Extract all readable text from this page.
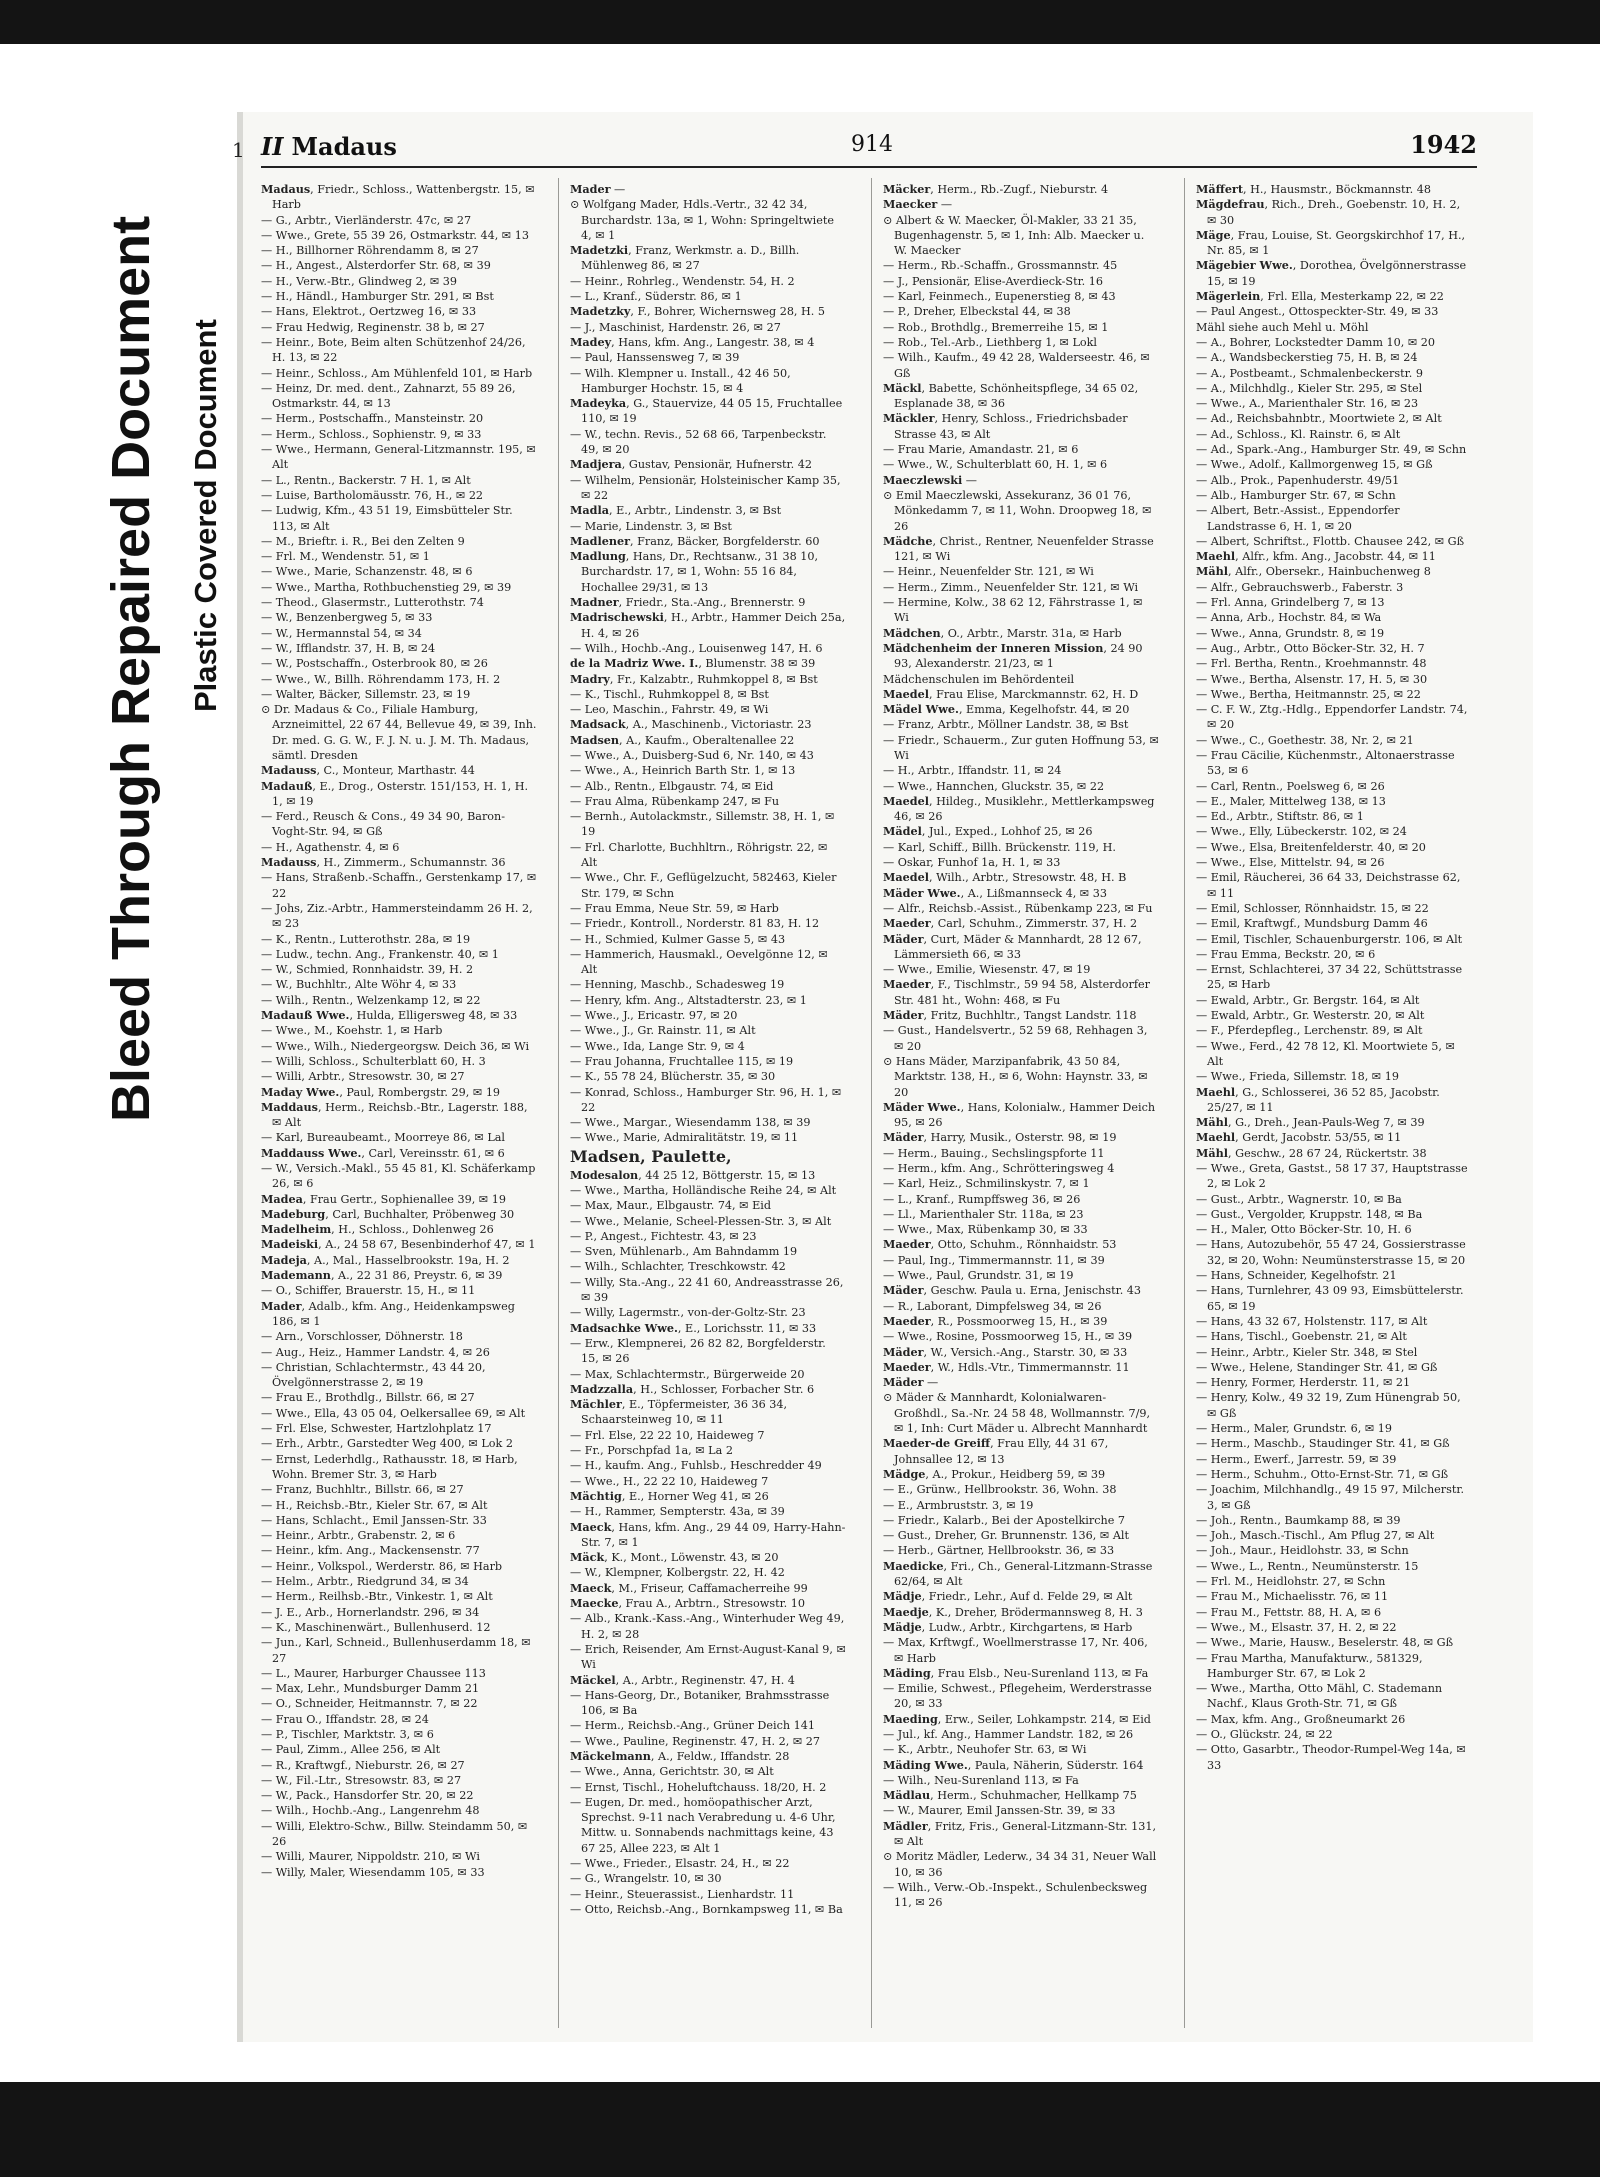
Bleed Through Repaired Document Plastic Covered Document
1 II Madaus	914	1942

Madaus, Friedr., Schloss., Wattenbergstr. 15, ✉ Harb

— G., Arbtr., Vierländerstr. 47c, ✉ 27

— Wwe., Grete, 55 39 26, Ostmarkstr. 44, ✉ 13

— H., Billhorner Röhrendamm 8, ✉ 27

— H., Angest., Alsterdorfer Str. 68, ✉ 39

— H., Verw.-Btr., Glindweg 2, ✉ 39

— H., Händl., Hamburger Str. 291, ✉ Bst

— Hans, Elektrot., Oertzweg 16, ✉ 33

— Frau Hedwig, Reginenstr. 38 b, ✉ 27

— Heinr., Bote, Beim alten Schützenhof 24/26, H. 13, ✉ 22

— Heinr., Schloss., Am Mühlenfeld 101, ✉ Harb

— Heinz, Dr. med. dent., Zahnarzt, 55 89 26, Ostmarkstr. 44, ✉ 13

— Herm., Postschaffn., Mansteinstr. 20

— Herm., Schloss., Sophienstr. 9, ✉ 33

— Wwe., Hermann, General-Litzmannstr. 195, ✉ Alt

— L., Rentn., Backerstr. 7 H. 1, ✉ Alt

— Luise, Bartholomäusstr. 76, H., ✉ 22

— Ludwig, Kfm., 43 51 19, Eimsbütteler Str. 113, ✉ Alt

— M., Brieftr. i. R., Bei den Zelten 9

— Frl. M., Wendenstr. 51, ✉ 1

— Wwe., Marie, Schanzenstr. 48, ✉ 6

— Wwe., Martha, Rothbuchenstieg 29, ✉ 39

— Theod., Glasermstr., Lutterothstr. 74

— W., Benzenbergweg 5, ✉ 33

— W., Hermannstal 54, ✉ 34

— W., Ifflandstr. 37, H. B, ✉ 24

— W., Postschaffn., Osterbrook 80, ✉ 26

— Wwe., W., Billh. Röhrendamm 173, H. 2

— Walter, Bäcker, Sillemstr. 23, ✉ 19

⊙ Dr. Madaus & Co., Filiale Hamburg, Arzneimittel, 22 67 44, Bellevue 49, ✉ 39, Inh. Dr. med. G. G. W., F. J. N. u. J. M. Th. Madaus, sämtl. Dresden

Madauss, C., Monteur, Marthastr. 44

Madauß, E., Drog., Osterstr. 151/153, H. 1, H. 1, ✉ 19

— Ferd., Reusch & Cons., 49 34 90, Baron-Voght-Str. 94, ✉ Gß

— H., Agathenstr. 4, ✉ 6

Madauss, H., Zimmerm., Schumannstr. 36

— Hans, Straßenb.-Schaffn., Gerstenkamp 17, ✉ 22

— Johs, Ziz.-Arbtr., Hammersteindamm 26 H. 2, ✉ 23

— K., Rentn., Lutterothstr. 28a, ✉ 19

— Ludw., techn. Ang., Frankenstr. 40, ✉ 1

— W., Schmied, Ronnhaidstr. 39, H. 2

— W., Buchhltr., Alte Wöhr 4, ✉ 33

— Wilh., Rentn., Welzenkamp 12, ✉ 22

Madauß Wwe., Hulda, Elligersweg 48, ✉ 33

— Wwe., M., Koehstr. 1, ✉ Harb

— Wwe., Wilh., Niedergeorgsw. Deich 36, ✉ Wi

— Willi, Schloss., Schulterblatt 60, H. 3

— Willi, Arbtr., Stresowstr. 30, ✉ 27

Maday Wwe., Paul, Rombergstr. 29, ✉ 19

Maddaus, Herm., Reichsb.-Btr., Lagerstr. 188, ✉ Alt

— Karl, Bureaubeamt., Moorreye 86, ✉ Lal

Maddauss Wwe., Carl, Vereinsstr. 61, ✉ 6

— W., Versich.-Makl., 55 45 81, Kl. Schäferkamp 26, ✉ 6

Madea, Frau Gertr., Sophienallee 39, ✉ 19

Madeburg, Carl, Buchhalter, Pröbenweg 30

Madelheim, H., Schloss., Dohlenweg 26

Madeiski, A., 24 58 67, Besenbinderhof 47, ✉ 1

Madeja, A., Mal., Hasselbrookstr. 19a, H. 2

Mademann, A., 22 31 86, Preystr. 6, ✉ 39

— O., Schiffer, Brauerstr. 15, H., ✉ 11

Mader, Adalb., kfm. Ang., Heidenkampsweg 186, ✉ 1

— Arn., Vorschlosser, Döhnerstr. 18

— Aug., Heiz., Hammer Landstr. 4, ✉ 26

— Christian, Schlachtermstr., 43 44 20, Övelgönnerstrasse 2, ✉ 19

— Frau E., Brothdlg., Billstr. 66, ✉ 27

— Wwe., Ella, 43 05 04, Oelkersallee 69, ✉ Alt

— Frl. Else, Schwester, Hartzlohplatz 17

— Erh., Arbtr., Garstedter Weg 400, ✉ Lok 2

— Ernst, Lederhdlg., Rathausstr. 18, ✉ Harb, Wohn. Bremer Str. 3, ✉ Harb

— Franz, Buchhltr., Billstr. 66, ✉ 27

— H., Reichsb.-Btr., Kieler Str. 67, ✉ Alt

— Hans, Schlacht., Emil Janssen-Str. 33

— Heinr., Arbtr., Grabenstr. 2, ✉ 6

— Heinr., kfm. Ang., Mackensenstr. 77

— Heinr., Volkspol., Werderstr. 86, ✉ Harb

— Helm., Arbtr., Riedgrund 34, ✉ 34

— Herm., Reilhsb.-Btr., Vinkestr. 1, ✉ Alt

— J. E., Arb., Hornerlandstr. 296, ✉ 34

— K., Maschinenwärt., Bullenhuserd. 12

— Jun., Karl, Schneid., Bullenhuserdamm 18, ✉ 27

— L., Maurer, Harburger Chaussee 113

— Max, Lehr., Mundsburger Damm 21

— O., Schneider, Heitmannstr. 7, ✉ 22

— Frau O., Iffandstr. 28, ✉ 24

— P., Tischler, Marktstr. 3, ✉ 6

— Paul, Zimm., Allee 256, ✉ Alt

— R., Kraftwgf., Nieburstr. 26, ✉ 27

— W., Fil.-Ltr., Stresowstr. 83, ✉ 27

— W., Pack., Hansdorfer Str. 20, ✉ 22

— Wilh., Hochb.-Ang., Langenrehm 48

— Willi, Elektro-Schw., Billw. Steindamm 50, ✉ 26

— Willi, Maurer, Nippoldstr. 210, ✉ Wi

— Willy, Maler, Wiesendamm 105, ✉ 33

Mader —

⊙ Wolfgang Mader, Hdls.-Vertr., 32 42 34, Burchardstr. 13a, ✉ 1, Wohn: Springeltwiete 4, ✉ 1

Madetzki, Franz, Werkmstr. a. D., Billh. Mühlenweg 86, ✉ 27

— Heinr., Rohrleg., Wendenstr. 54, H. 2

— L., Kranf., Süderstr. 86, ✉ 1

Madetzky, F., Bohrer, Wichernsweg 28, H. 5

— J., Maschinist, Hardenstr. 26, ✉ 27

Madey, Hans, kfm. Ang., Langestr. 38, ✉ 4

— Paul, Hanssensweg 7, ✉ 39

— Wilh. Klempner u. Install., 42 46 50, Hamburger Hochstr. 15, ✉ 4

Madeyka, G., Stauervize, 44 05 15, Fruchtallee 110, ✉ 19

— W., techn. Revis., 52 68 66, Tarpenbeckstr. 49, ✉ 20

Madjera, Gustav, Pensionär, Hufnerstr. 42

— Wilhelm, Pensionär, Holsteinischer Kamp 35, ✉ 22

Madla, E., Arbtr., Lindenstr. 3, ✉ Bst

— Marie, Lindenstr. 3, ✉ Bst

Madlener, Franz, Bäcker, Borgfelderstr. 60

Madlung, Hans, Dr., Rechtsanw., 31 38 10, Burchardstr. 17, ✉ 1, Wohn: 55 16 84, Hochallee 29/31, ✉ 13

Madner, Friedr., Sta.-Ang., Brennerstr. 9

Madrischewski, H., Arbtr., Hammer Deich 25a, H. 4, ✉ 26

— Wilh., Hochb.-Ang., Louisenweg 147, H. 6

de la Madriz Wwe. I., Blumenstr. 38 ✉ 39

Madry, Fr., Kalzabtr., Ruhmkoppel 8, ✉ Bst

— K., Tischl., Ruhmkoppel 8, ✉ Bst

— Leo, Maschin., Fahrstr. 49, ✉ Wi

Madsack, A., Maschinenb., Victoriastr. 23

Madsen, A., Kaufm., Oberaltenallee 22

— Wwe., A., Duisberg-Sud 6, Nr. 140, ✉ 43

— Wwe., A., Heinrich Barth Str. 1, ✉ 13

— Alb., Rentn., Elbgaustr. 74, ✉ Eid

— Frau Alma, Rübenkamp 247, ✉ Fu

— Bernh., Autolackmstr., Sillemstr. 38, H. 1, ✉ 19

— Frl. Charlotte, Buchhltrn., Röhrigstr. 22, ✉ Alt

— Wwe., Chr. F., Geflügelzucht, 582463, Kieler Str. 179, ✉ Schn

— Frau Emma, Neue Str. 59, ✉ Harb

— Friedr., Kontroll., Norderstr. 81 83, H. 12

— H., Schmied, Kulmer Gasse 5, ✉ 43

— Hammerich, Hausmakl., Oevelgönne 12, ✉ Alt

— Henning, Maschb., Schadesweg 19

— Henry, kfm. Ang., Altstadterstr. 23, ✉ 1

— Wwe., J., Ericastr. 97, ✉ 20

— Wwe., J., Gr. Rainstr. 11, ✉ Alt

— Wwe., Ida, Lange Str. 9, ✉ 4

— Frau Johanna, Fruchtallee 115, ✉ 19

— K., 55 78 24, Blücherstr. 35, ✉ 30

— Konrad, Schloss., Hamburger Str. 96, H. 1, ✉ 22

— Wwe., Margar., Wiesendamm 138, ✉ 39

— Wwe., Marie, Admiralitätstr. 19, ✉ 11

Madsen, Paulette,

Modesalon, 44 25 12, Böttgerstr. 15, ✉ 13

— Wwe., Martha, Holländische Reihe 24, ✉ Alt

— Max, Maur., Elbgaustr. 74, ✉ Eid

— Wwe., Melanie, Scheel-Plessen-Str. 3, ✉ Alt

— P., Angest., Fichtestr. 43, ✉ 23

— Sven, Mühlenarb., Am Bahndamm 19

— Wilh., Schlachter, Treschkowstr. 42

— Willy, Sta.-Ang., 22 41 60, Andreasstrasse 26, ✉ 39

— Willy, Lagermstr., von-der-Goltz-Str. 23

Madsachke Wwe., E., Lorichsstr. 11, ✉ 33

— Erw., Klempnerei, 26 82 82, Borgfelderstr. 15, ✉ 26

— Max, Schlachtermstr., Bürgerweide 20

Madzzalla, H., Schlosser, Forbacher Str. 6

Mächler, E., Töpfermeister, 36 36 34, Schaarsteinweg 10, ✉ 11

— Frl. Else, 22 22 10, Haideweg 7

— Fr., Porschpfad 1a, ✉ La 2

— H., kaufm. Ang., Fuhlsb., Heschredder 49

— Wwe., H., 22 22 10, Haideweg 7

Mächtig, E., Horner Weg 41, ✉ 26

— H., Rammer, Sempterstr. 43a, ✉ 39

Maeck, Hans, kfm. Ang., 29 44 09, Harry-Hahn-Str. 7, ✉ 1

Mäck, K., Mont., Löwenstr. 43, ✉ 20

— W., Klempner, Kolbergstr. 22, H. 42

Maeck, M., Friseur, Caffamacherreihe 99

Maecke, Frau A., Arbtrn., Stresowstr. 10

— Alb., Krank.-Kass.-Ang., Winterhuder Weg 49, H. 2, ✉ 28

— Erich, Reisender, Am Ernst-August-Kanal 9, ✉ Wi

Mäckel, A., Arbtr., Reginenstr. 47, H. 4

— Hans-Georg, Dr., Botaniker, Brahmsstrasse 106, ✉ Ba

— Herm., Reichsb.-Ang., Grüner Deich 141

— Wwe., Pauline, Reginenstr. 47, H. 2, ✉ 27

Mäckelmann, A., Feldw., Iffandstr. 28

— Wwe., Anna, Gerichtstr. 30, ✉ Alt

— Ernst, Tischl., Hoheluftchauss. 18/20, H. 2

— Eugen, Dr. med., homöopathischer Arzt, Sprechst. 9-11 nach Verabredung u. 4-6 Uhr, Mittw. u. Sonnabends nachmittags keine, 43 67 25, Allee 223, ✉ Alt 1

— Wwe., Frieder., Elsastr. 24, H., ✉ 22

— G., Wrangelstr. 10, ✉ 30

— Heinr., Steuerassist., Lienhardstr. 11

— Otto, Reichsb.-Ang., Bornkampsweg 11, ✉ Ba

Mäcker, Herm., Rb.-Zugf., Nieburstr. 4

Maecker —

⊙ Albert & W. Maecker, Öl-Makler, 33 21 35, Bugenhagenstr. 5, ✉ 1, Inh: Alb. Maecker u. W. Maecker

— Herm., Rb.-Schaffn., Grossmannstr. 45

— J., Pensionär, Elise-Averdieck-Str. 16

— Karl, Feinmech., Eupenerstieg 8, ✉ 43

— P., Dreher, Elbeckstal 44, ✉ 38

— Rob., Brothdlg., Bremerreihe 15, ✉ 1

— Rob., Tel.-Arb., Liethberg 1, ✉ Lokl

— Wilh., Kaufm., 49 42 28, Walderseestr. 46, ✉ Gß

Mäckl, Babette, Schönheitspflege, 34 65 02, Esplanade 38, ✉ 36

Mäckler, Henry, Schloss., Friedrichsbader Strasse 43, ✉ Alt

— Frau Marie, Amandastr. 21, ✉ 6

— Wwe., W., Schulterblatt 60, H. 1, ✉ 6

Maeczlewski —

⊙ Emil Maeczlewski, Assekuranz, 36 01 76, Mönkedamm 7, ✉ 11, Wohn. Droopweg 18, ✉ 26

Mädche, Christ., Rentner, Neuenfelder Strasse 121, ✉ Wi

— Heinr., Neuenfelder Str. 121, ✉ Wi

— Herm., Zimm., Neuenfelder Str. 121, ✉ Wi

— Hermine, Kolw., 38 62 12, Fährstrasse 1, ✉ Wi

Mädchen, O., Arbtr., Marstr. 31a, ✉ Harb

Mädchenheim der Inneren Mission, 24 90 93, Alexanderstr. 21/23, ✉ 1

Mädchenschulen im Behördenteil

Maedel, Frau Elise, Marckmannstr. 62, H. D

Mädel Wwe., Emma, Kegelhofstr. 44, ✉ 20

— Franz, Arbtr., Möllner Landstr. 38, ✉ Bst

— Friedr., Schauerm., Zur guten Hoffnung 53, ✉ Wi

— H., Arbtr., Iffandstr. 11, ✉ 24

— Wwe., Hannchen, Gluckstr. 35, ✉ 22

Maedel, Hildeg., Musiklehr., Mettlerkampsweg 46, ✉ 26

Mädel, Jul., Exped., Lohhof 25, ✉ 26

— Karl, Schiff., Billh. Brückenstr. 119, H.

— Oskar, Funhof 1a, H. 1, ✉ 33

Maedel, Wilh., Arbtr., Stresowstr. 48, H. B

Mäder Wwe., A., Lißmannseck 4, ✉ 33

— Alfr., Reichsb.-Assist., Rübenkamp 223, ✉ Fu

Maeder, Carl, Schuhm., Zimmerstr. 37, H. 2

Mäder, Curt, Mäder & Mannhardt, 28 12 67, Lämmersieth 66, ✉ 33

— Wwe., Emilie, Wiesenstr. 47, ✉ 19

Maeder, F., Tischlmstr., 59 94 58, Alsterdorfer Str. 481 ht., Wohn: 468, ✉ Fu

Mäder, Fritz, Buchhltr., Tangst Landstr. 118

— Gust., Handelsvertr., 52 59 68, Rehhagen 3, ✉ 20

⊙ Hans Mäder, Marzipanfabrik, 43 50 84, Marktstr. 138, H., ✉ 6, Wohn: Haynstr. 33, ✉ 20

Mäder Wwe., Hans, Kolonialw., Hammer Deich 95, ✉ 26

Mäder, Harry, Musik., Osterstr. 98, ✉ 19

— Herm., Bauing., Sechslingspforte 11

— Herm., kfm. Ang., Schrötteringsweg 4

— Karl, Heiz., Schmilinskystr. 7, ✉ 1

— L., Kranf., Rumpffsweg 36, ✉ 26

— Ll., Marienthaler Str. 118a, ✉ 23

— Wwe., Max, Rübenkamp 30, ✉ 33

Maeder, Otto, Schuhm., Rönnhaidstr. 53

— Paul, Ing., Timmermannstr. 11, ✉ 39

— Wwe., Paul, Grundstr. 31, ✉ 19

Mäder, Geschw. Paula u. Erna, Jenischstr. 43

— R., Laborant, Dimpfelsweg 34, ✉ 26

Maeder, R., Possmoorweg 15, H., ✉ 39

— Wwe., Rosine, Possmoorweg 15, H., ✉ 39

Mäder, W., Versich.-Ang., Starstr. 30, ✉ 33

Maeder, W., Hdls.-Vtr., Timmermannstr. 11

Mäder —

⊙ Mäder & Mannhardt, Kolonialwaren-Großhdl., Sa.-Nr. 24 58 48, Wollmannstr. 7/9, ✉ 1, Inh: Curt Mäder u. Albrecht Mannhardt

Maeder-de Greiff, Frau Elly, 44 31 67, Johnsallee 12, ✉ 13

Mädge, A., Prokur., Heidberg 59, ✉ 39

— E., Grünw., Hellbrookstr. 36, Wohn. 38

— E., Armbruststr. 3, ✉ 19

— Friedr., Kalarb., Bei der Apostelkirche 7

— Gust., Dreher, Gr. Brunnenstr. 136, ✉ Alt

— Herb., Gärtner, Hellbrookstr. 36, ✉ 33

Maedicke, Fri., Ch., General-Litzmann-Strasse 62/64, ✉ Alt

Mädje, Friedr., Lehr., Auf d. Felde 29, ✉ Alt

Maedje, K., Dreher, Brödermannsweg 8, H. 3

Mädje, Ludw., Arbtr., Kirchgartens, ✉ Harb

— Max, Krftwgf., Woellmerstrasse 17, Nr. 406, ✉ Harb

Mäding, Frau Elsb., Neu-Surenland 113, ✉ Fa

— Emilie, Schwest., Pflegeheim, Werderstrasse 20, ✉ 33

Maeding, Erw., Seiler, Lohkampstr. 214, ✉ Eid

— Jul., kf. Ang., Hammer Landstr. 182, ✉ 26

— K., Arbtr., Neuhofer Str. 63, ✉ Wi

Mäding Wwe., Paula, Näherin, Süderstr. 164

— Wilh., Neu-Surenland 113, ✉ Fa

Mädlau, Herm., Schuhmacher, Hellkamp 75

— W., Maurer, Emil Janssen-Str. 39, ✉ 33

Mädler, Fritz, Fris., General-Litzmann-Str. 131, ✉ Alt

⊙ Moritz Mädler, Lederw., 34 34 31, Neuer Wall 10, ✉ 36

— Wilh., Verw.-Ob.-Inspekt., Schulenbecksweg 11, ✉ 26

Mäffert, H., Hausmstr., Böckmannstr. 48

Mägdefrau, Rich., Dreh., Goebenstr. 10, H. 2, ✉ 30

Mäge, Frau, Louise, St. Georgskirchhof 17, H., Nr. 85, ✉ 1

Mägebier Wwe., Dorothea, Övelgönnerstrasse 15, ✉ 19

Mägerlein, Frl. Ella, Mesterkamp 22, ✉ 22

— Paul Angest., Ottospeckter-Str. 49, ✉ 33

Mähl siehe auch Mehl u. Möhl

— A., Bohrer, Lockstedter Damm 10, ✉ 20

— A., Wandsbeckerstieg 75, H. B, ✉ 24

— A., Postbeamt., Schmalenbeckerstr. 9

— A., Milchhdlg., Kieler Str. 295, ✉ Stel

— Wwe., A., Marienthaler Str. 16, ✉ 23

— Ad., Reichsbahnbtr., Moortwiete 2, ✉ Alt

— Ad., Schloss., Kl. Rainstr. 6, ✉ Alt

— Ad., Spark.-Ang., Hamburger Str. 49, ✉ Schn

— Wwe., Adolf., Kallmorgenweg 15, ✉ Gß

— Alb., Prok., Papenhuderstr. 49/51

— Alb., Hamburger Str. 67, ✉ Schn

— Albert, Betr.-Assist., Eppendorfer Landstrasse 6, H. 1, ✉ 20

— Albert, Schriftst., Flottb. Chausee 242, ✉ Gß

Maehl, Alfr., kfm. Ang., Jacobstr. 44, ✉ 11

Mähl, Alfr., Obersekr., Hainbuchenweg 8

— Alfr., Gebrauchswerb., Faberstr. 3

— Frl. Anna, Grindelberg 7, ✉ 13

— Anna, Arb., Hochstr. 84, ✉ Wa

— Wwe., Anna, Grundstr. 8, ✉ 19

— Aug., Arbtr., Otto Böcker-Str. 32, H. 7

— Frl. Bertha, Rentn., Kroehmannstr. 48

— Wwe., Bertha, Alsenstr. 17, H. 5, ✉ 30

— Wwe., Bertha, Heitmannstr. 25, ✉ 22

— C. F. W., Ztg.-Hdlg., Eppendorfer Landstr. 74, ✉ 20

— Wwe., C., Goethestr. 38, Nr. 2, ✉ 21

— Frau Cäcilie, Küchenmstr., Altonaerstrasse 53, ✉ 6

— Carl, Rentn., Poelsweg 6, ✉ 26

— E., Maler, Mittelweg 138, ✉ 13

— Ed., Arbtr., Stiftstr. 86, ✉ 1

— Wwe., Elly, Lübeckerstr. 102, ✉ 24

— Wwe., Elsa, Breitenfelderstr. 40, ✉ 20

— Wwe., Else, Mittelstr. 94, ✉ 26

— Emil, Räucherei, 36 64 33, Deichstrasse 62, ✉ 11

— Emil, Schlosser, Rönnhaidstr. 15, ✉ 22

— Emil, Kraftwgf., Mundsburg Damm 46

— Emil, Tischler, Schauenburgerstr. 106, ✉ Alt

— Frau Emma, Beckstr. 20, ✉ 6

— Ernst, Schlachterei, 37 34 22, Schüttstrasse 25, ✉ Harb

— Ewald, Arbtr., Gr. Bergstr. 164, ✉ Alt

— Ewald, Arbtr., Gr. Westerstr. 20, ✉ Alt

— F., Pferdepfleg., Lerchenstr. 89, ✉ Alt

— Wwe., Ferd., 42 78 12, Kl. Moortwiete 5, ✉ Alt

— Wwe., Frieda, Sillemstr. 18, ✉ 19

Maehl, G., Schlosserei, 36 52 85, Jacobstr. 25/27, ✉ 11

Mähl, G., Dreh., Jean-Pauls-Weg 7, ✉ 39

Maehl, Gerdt, Jacobstr. 53/55, ✉ 11

Mähl, Geschw., 28 67 24, Rückertstr. 38

— Wwe., Greta, Gastst., 58 17 37, Hauptstrasse 2, ✉ Lok 2

— Gust., Arbtr., Wagnerstr. 10, ✉ Ba

— Gust., Vergolder, Kruppstr. 148, ✉ Ba

— H., Maler, Otto Böcker-Str. 10, H. 6

— Hans, Autozubehör, 55 47 24, Gossierstrasse 32, ✉ 20, Wohn: Neumünsterstrasse 15, ✉ 20

— Hans, Schneider, Kegelhofstr. 21

— Hans, Turnlehrer, 43 09 93, Eimsbüttelerstr. 65, ✉ 19

— Hans, 43 32 67, Holstenstr. 117, ✉ Alt

— Hans, Tischl., Goebenstr. 21, ✉ Alt

— Heinr., Arbtr., Kieler Str. 348, ✉ Stel

— Wwe., Helene, Standinger Str. 41, ✉ Gß

— Henry, Former, Herderstr. 11, ✉ 21

— Henry, Kolw., 49 32 19, Zum Hünengrab 50, ✉ Gß

— Herm., Maler, Grundstr. 6, ✉ 19

— Herm., Maschb., Staudinger Str. 41, ✉ Gß

— Herm., Ewerf., Jarrestr. 59, ✉ 39

— Herm., Schuhm., Otto-Ernst-Str. 71, ✉ Gß

— Joachim, Milchhandlg., 49 15 97, Milcherstr. 3, ✉ Gß

— Joh., Rentn., Baumkamp 88, ✉ 39

— Joh., Masch.-Tischl., Am Pflug 27, ✉ Alt

— Joh., Maur., Heidlohstr. 33, ✉ Schn

— Wwe., L., Rentn., Neumünsterstr. 15

— Frl. M., Heidlohstr. 27, ✉ Schn

— Frau M., Michaelisstr. 76, ✉ 11

— Frau M., Fettstr. 88, H. A, ✉ 6

— Wwe., M., Elsastr. 37, H. 2, ✉ 22

— Wwe., Marie, Hausw., Beselerstr. 48, ✉ Gß

— Frau Martha, Manufakturw., 581329, Hamburger Str. 67, ✉ Lok 2

— Wwe., Martha, Otto Mähl, C. Stademann Nachf., Klaus Groth-Str. 71, ✉ Gß

— Max, kfm. Ang., Großneumarkt 26

— O., Glückstr. 24, ✉ 22

— Otto, Gasarbtr., Theodor-Rumpel-Weg 14a, ✉ 33
